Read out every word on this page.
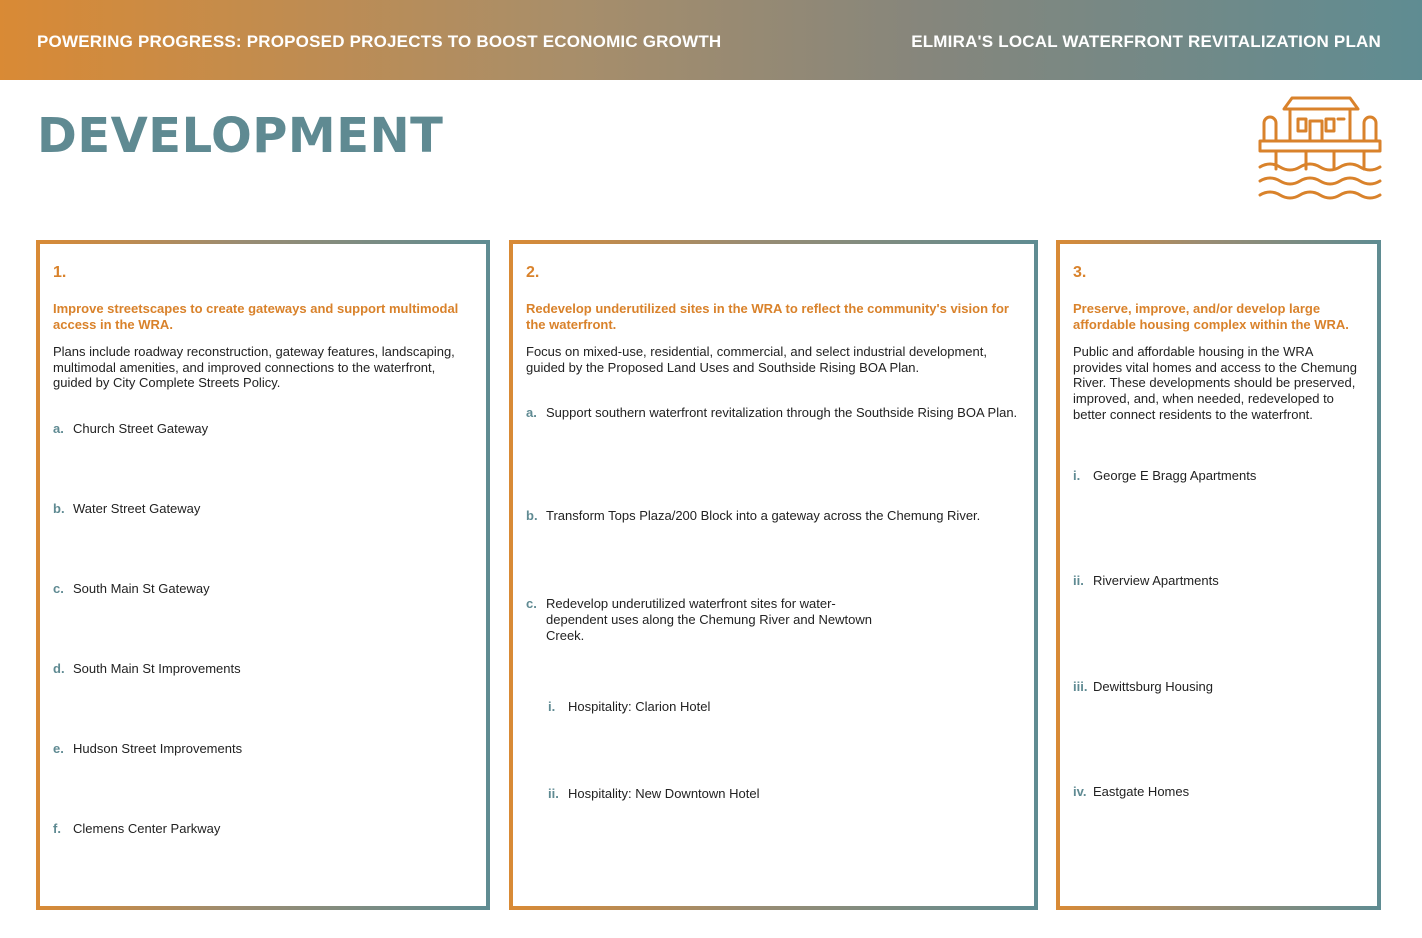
POWERING PROGRESS: PROPOSED PROJECTS TO BOOST ECONOMIC GROWTH	ELMIRA'S LOCAL WATERFRONT REVITALIZATION PLAN
DEVELOPMENT
1.
Improve streetscapes to create gateways and support multimodal access in the WRA.
Plans include roadway reconstruction, gateway features, landscaping, multimodal amenities, and improved connections to the waterfront, guided by City Complete Streets Policy.
a. Church Street Gateway
b. Water Street Gateway
c. South Main St Gateway
d. South Main St Improvements
e. Hudson Street Improvements
f. Clemens Center Parkway
2.
Redevelop underutilized sites in the WRA to reflect the community's vision for the waterfront.
Focus on mixed-use, residential, commercial, and select industrial development, guided by the Proposed Land Uses and Southside Rising BOA Plan.
a. Support southern waterfront revitalization through the Southside Rising BOA Plan.
b. Transform Tops Plaza/200 Block into a gateway across the Chemung River.
c. Redevelop underutilized waterfront sites for water-dependent uses along the Chemung River and Newtown Creek.
i. Hospitality: Clarion Hotel
ii. Hospitality: New Downtown Hotel
3.
Preserve, improve, and/or develop large affordable housing complex within the WRA.
Public and affordable housing in the WRA provides vital homes and access to the Chemung River. These developments should be preserved, improved, and, when needed, redeveloped to better connect residents to the waterfront.
i. George E Bragg Apartments
ii. Riverview Apartments
iii. Dewittsburg Housing
iv. Eastgate Homes
